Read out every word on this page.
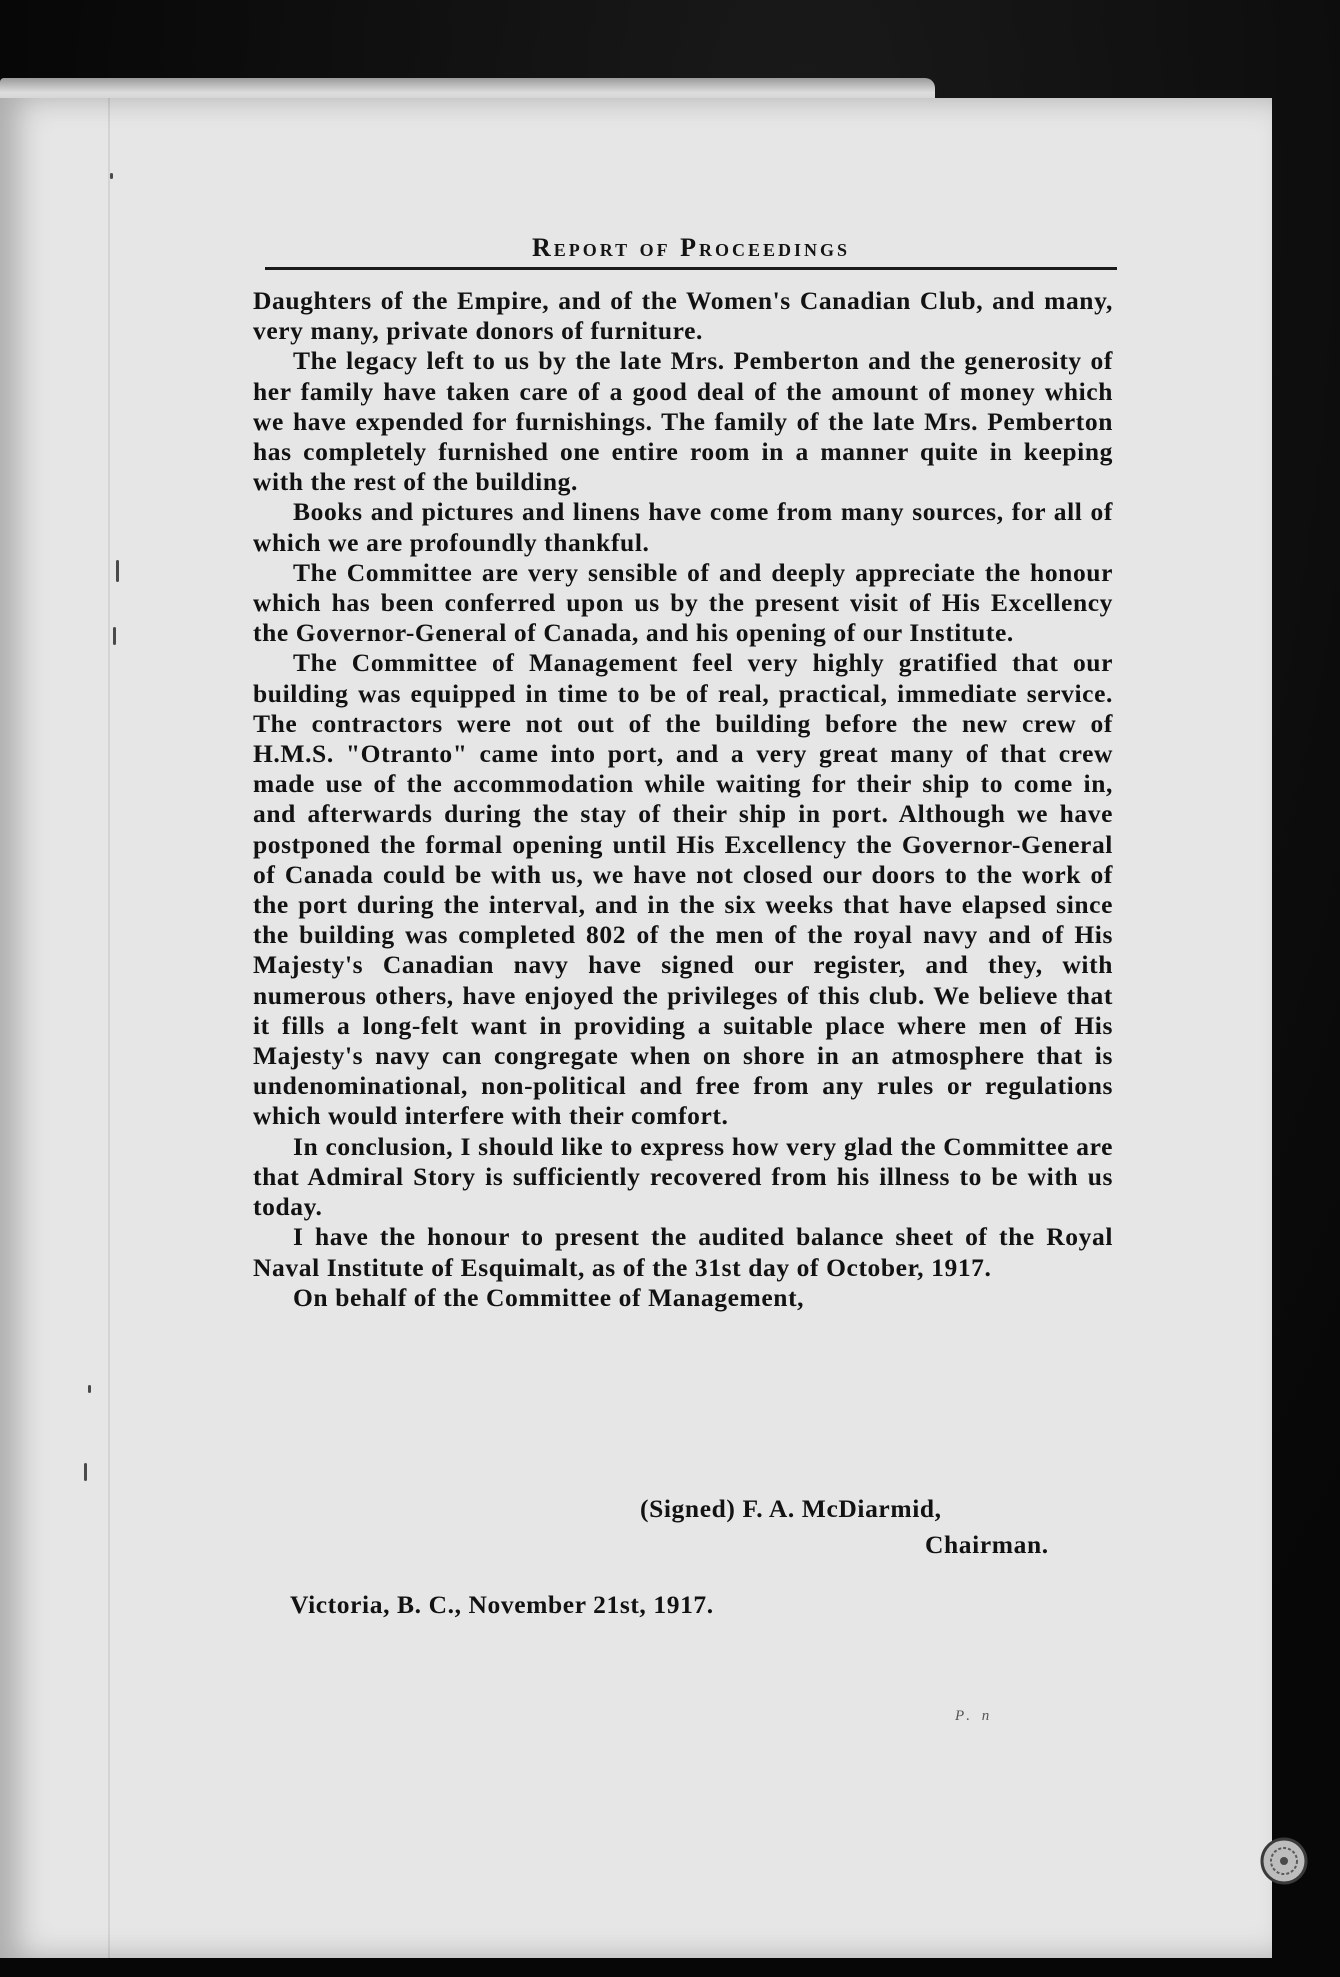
Report of Proceedings

Daughters of the Empire, and of the Women's Canadian Club, and many, very many, private donors of furniture.

The legacy left to us by the late Mrs. Pemberton and the generosity of her family have taken care of a good deal of the amount of money which we have expended for furnishings. The family of the late Mrs. Pemberton has completely furnished one entire room in a manner quite in keeping with the rest of the building.

Books and pictures and linens have come from many sources, for all of which we are profoundly thankful.

The Committee are very sensible of and deeply appreciate the honour which has been conferred upon us by the present visit of His Excellency the Governor-General of Canada, and his opening of our Institute.

The Committee of Management feel very highly gratified that our building was equipped in time to be of real, practical, immediate service. The contractors were not out of the building before the new crew of H.M.S. "Otranto" came into port, and a very great many of that crew made use of the accommodation while waiting for their ship to come in, and afterwards during the stay of their ship in port. Although we have postponed the formal opening until His Excellency the Governor-General of Canada could be with us, we have not closed our doors to the work of the port during the interval, and in the six weeks that have elapsed since the building was completed 802 of the men of the royal navy and of His Majesty's Canadian navy have signed our register, and they, with numerous others, have enjoyed the privileges of this club. We believe that it fills a long-felt want in providing a suitable place where men of His Majesty's navy can congregate when on shore in an atmosphere that is undenominational, non-political and free from any rules or regulations which would interfere with their comfort.

In conclusion, I should like to express how very glad the Committee are that Admiral Story is sufficiently recovered from his illness to be with us today.

I have the honour to present the audited balance sheet of the Royal Naval Institute of Esquimalt, as of the 31st day of October, 1917.

On behalf of the Committee of Management,

(Signed) F. A. McDiarmid,
Chairman.
Victoria, B. C., November 21st, 1917.
P. n
